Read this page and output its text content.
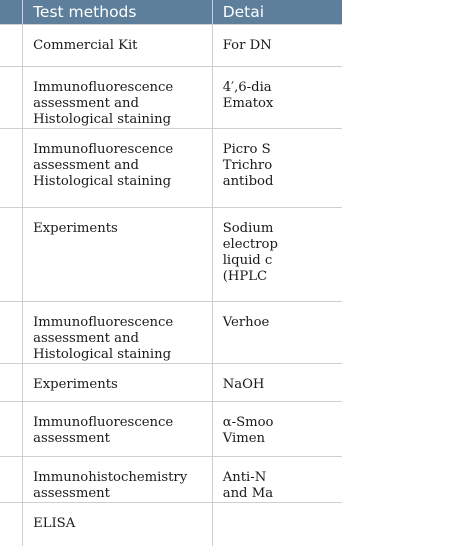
	Test methods	Detai
	Commercial Kit	For DN

	Immunofluorescence assessment and Histological staining	4′,6-dia
Ematox

	Immunofluorescence assessment and Histological staining	Picro S
Trichro
antibod

	Experiments	Sodium
electrop
liquid c
(HPLC

	Immunofluorescence assessment and Histological staining	Verhoe

	Experiments	NaOH

	Immunofluorescence assessment	α-Smoo
Vimen

	Immunohistochemistry assessment	Anti-N
and Ma

	ELISA	
